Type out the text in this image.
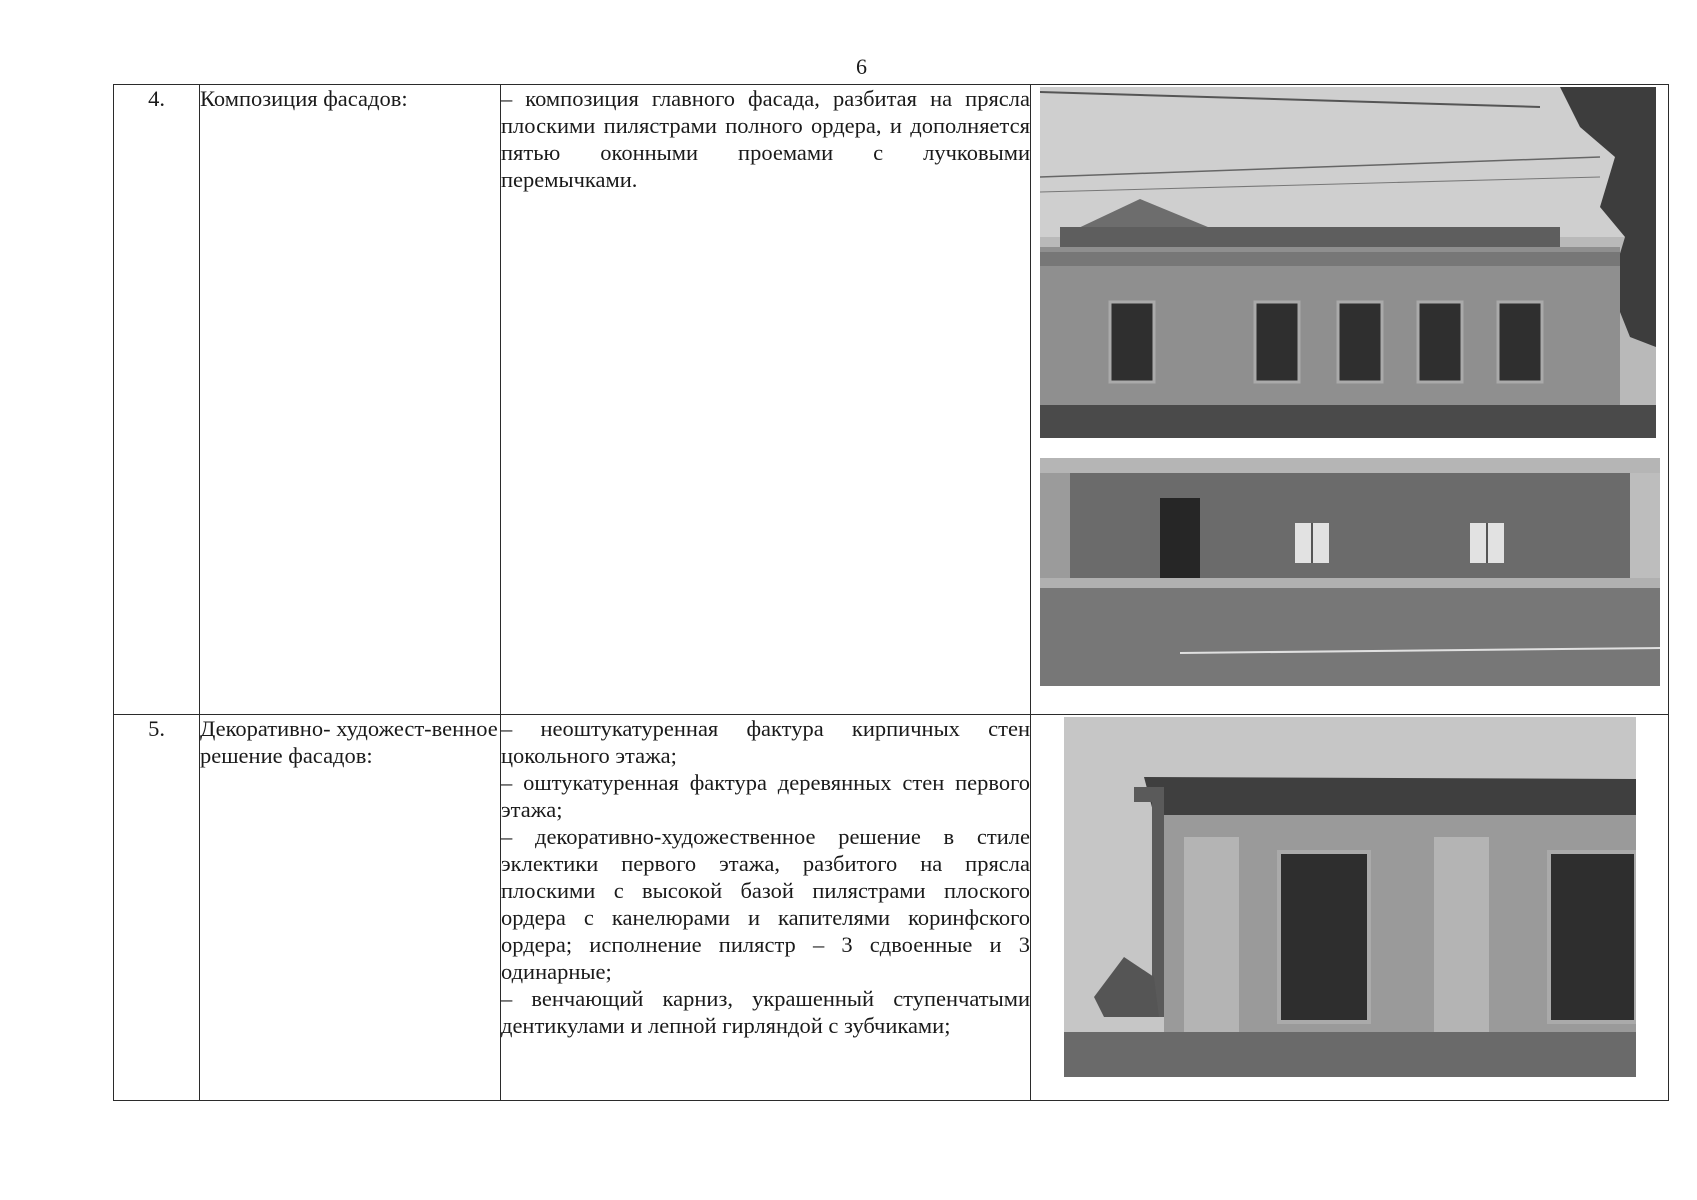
6
4.	Композиция фасадов:	– композиция главного фасада, разбитая на прясла плоскими пилястрами полного ордера, и дополняется пятью оконными проемами с лучковыми перемычками.

5.	Декоративно- художест-венное решение фасадов:	– неоштукатуренная фактура кирпичных стен цокольного этажа;

– оштукатуренная фактура деревянных стен первого этажа;

– декоративно-художественное решение в стиле эклектики первого этажа, разбитого на прясла плоскими с высокой базой пилястрами плоского ордера с канелюрами и капителями коринфского ордера; исполнение пилястр – 3 сдвоенные и 3 одинарные;

– венчающий карниз, украшенный ступенчатыми дентикулами и лепной гирляндой с зубчиками;
